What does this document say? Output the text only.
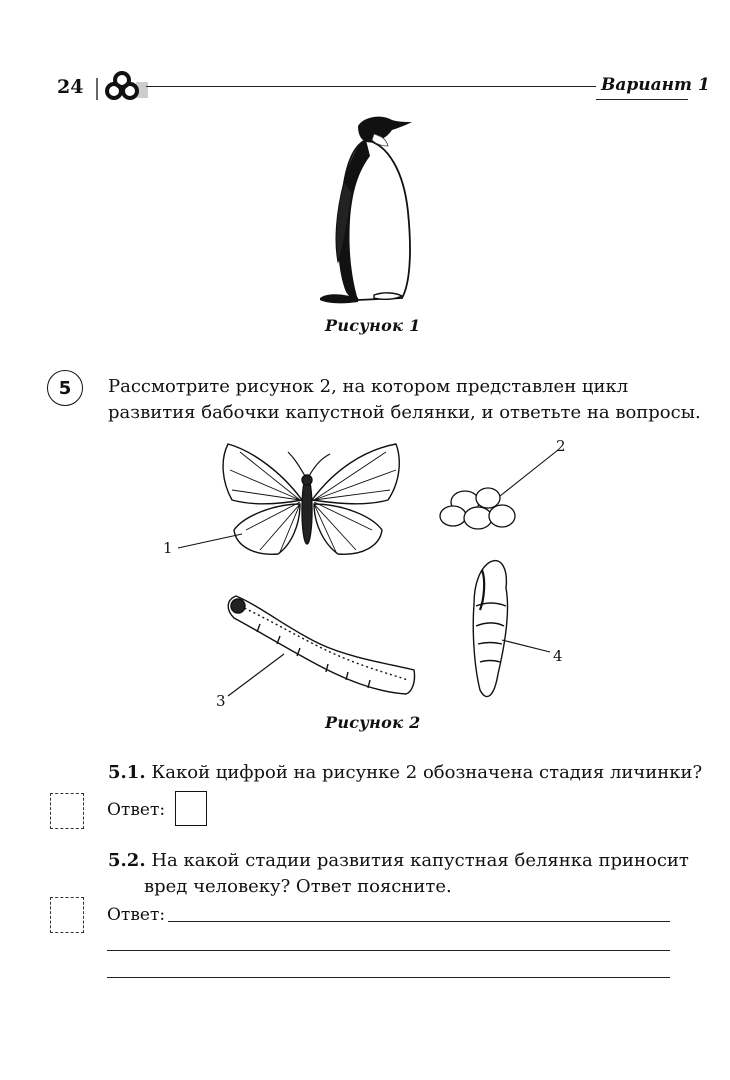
24	Вариант 1
Рисунок 1
5	Рассмотрите рисунок 2, на котором представлен цикл развития бабочки капустной белянки, и ответьте на вопросы.
1
2
3
4
Рисунок 2
5.1. Какой цифрой на рисунке 2 обозначена стадия личинки?
Ответ:
5.2. На какой стадии развития капустная белянка приносит
вред человеку? Ответ поясните.
Ответ:
